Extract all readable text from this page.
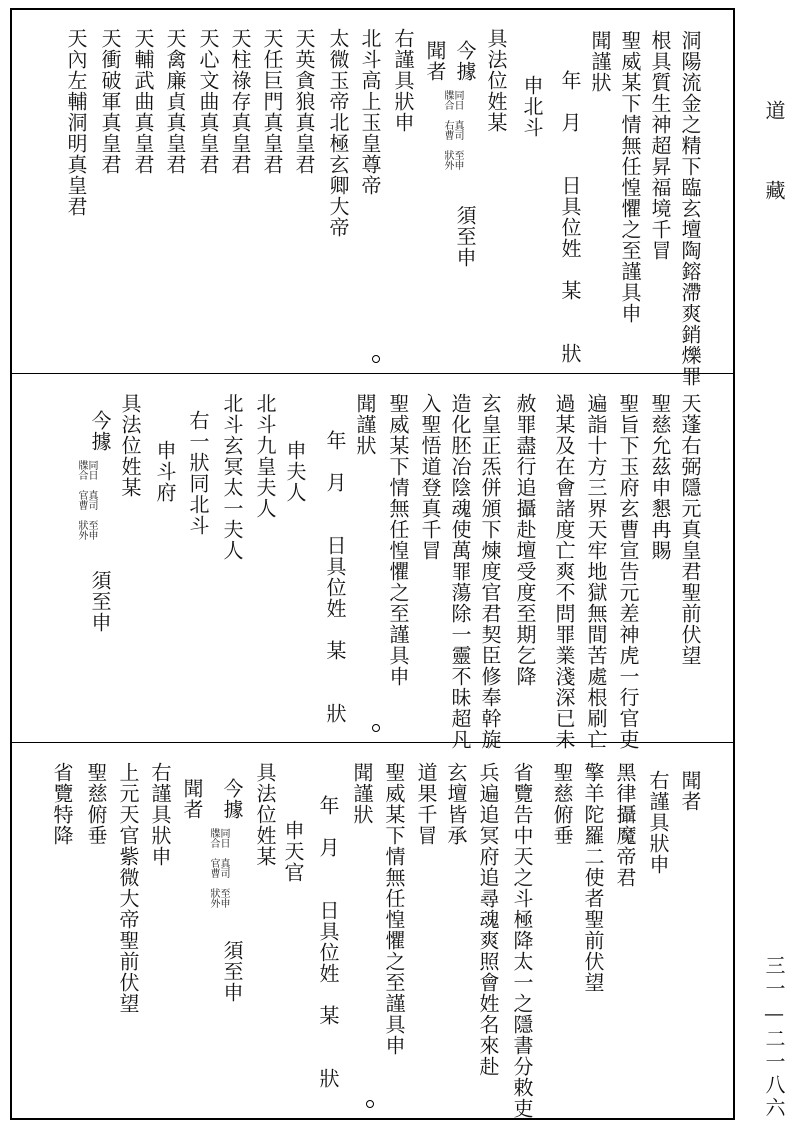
洞陽流金之精下臨玄壇陶鎔滯爽銷爍罪
根具質生神超昇福境千冒
聖威某下情無任惶懼之至謹具申
聞謹狀
年　月　　日具位姓　某　　狀
申北斗
具法位姓某
今據
牒合 同日
右曹 真司
狀外 至申
須至申
聞者
右謹具狀申
北斗高上玉皇尊帝
太微玉帝北極玄卿大帝
天英貪狼真皇君
天任巨門真皇君
天柱祿存真皇君
天心文曲真皇君
天禽廉貞真皇君
天輔武曲真皇君
天衝破軍真皇君
天內左輔洞明真皇君
天蓬右弼隱元真皇君聖前伏望
聖慈允茲申懇冉賜
聖旨下玉府玄曹宣告元差神虎一行官吏
遍詣十方三界天牢地獄無間苦處根刷亡
過某及在會諸度亡爽不問罪業淺深已未
赦罪盡行追攝赴壇受度至期乞降
玄皇正炁併頒下煉度官君契臣修奉幹旋
造化胚冶陰魂使萬罪蕩除一靈不昧超凡
入聖悟道登真千冒
聖威某下情無任惶懼之至謹具申
聞謹狀
年　月　　日具位姓　某　　狀
申夫人
北斗九皇夫人
北斗玄冥太一夫人
右一狀同北斗
申斗府
具法位姓某
今據
牒合 同日
官曹 真司
狀外 至申
須至申
聞者
右謹具狀申
黑律攝魔帝君
擎羊陀羅二使者聖前伏望
聖慈俯垂
省覽告中天之斗極降太一之隱書分敕吏
兵遍追冥府追尋魂爽照會姓名來赴
玄壇皆承
道果千冒
聖威某下情無任惶懼之至謹具申
聞謹狀
年　月　　日具位姓　某　　狀
申天官
具法位姓某
今據
牒合 同日
官曹 真司
狀外 至申
須至申
聞者
右謹具狀申
上元天官紫微大帝聖前伏望
聖慈俯垂
省覽特降
道藏
三一—二一八六
